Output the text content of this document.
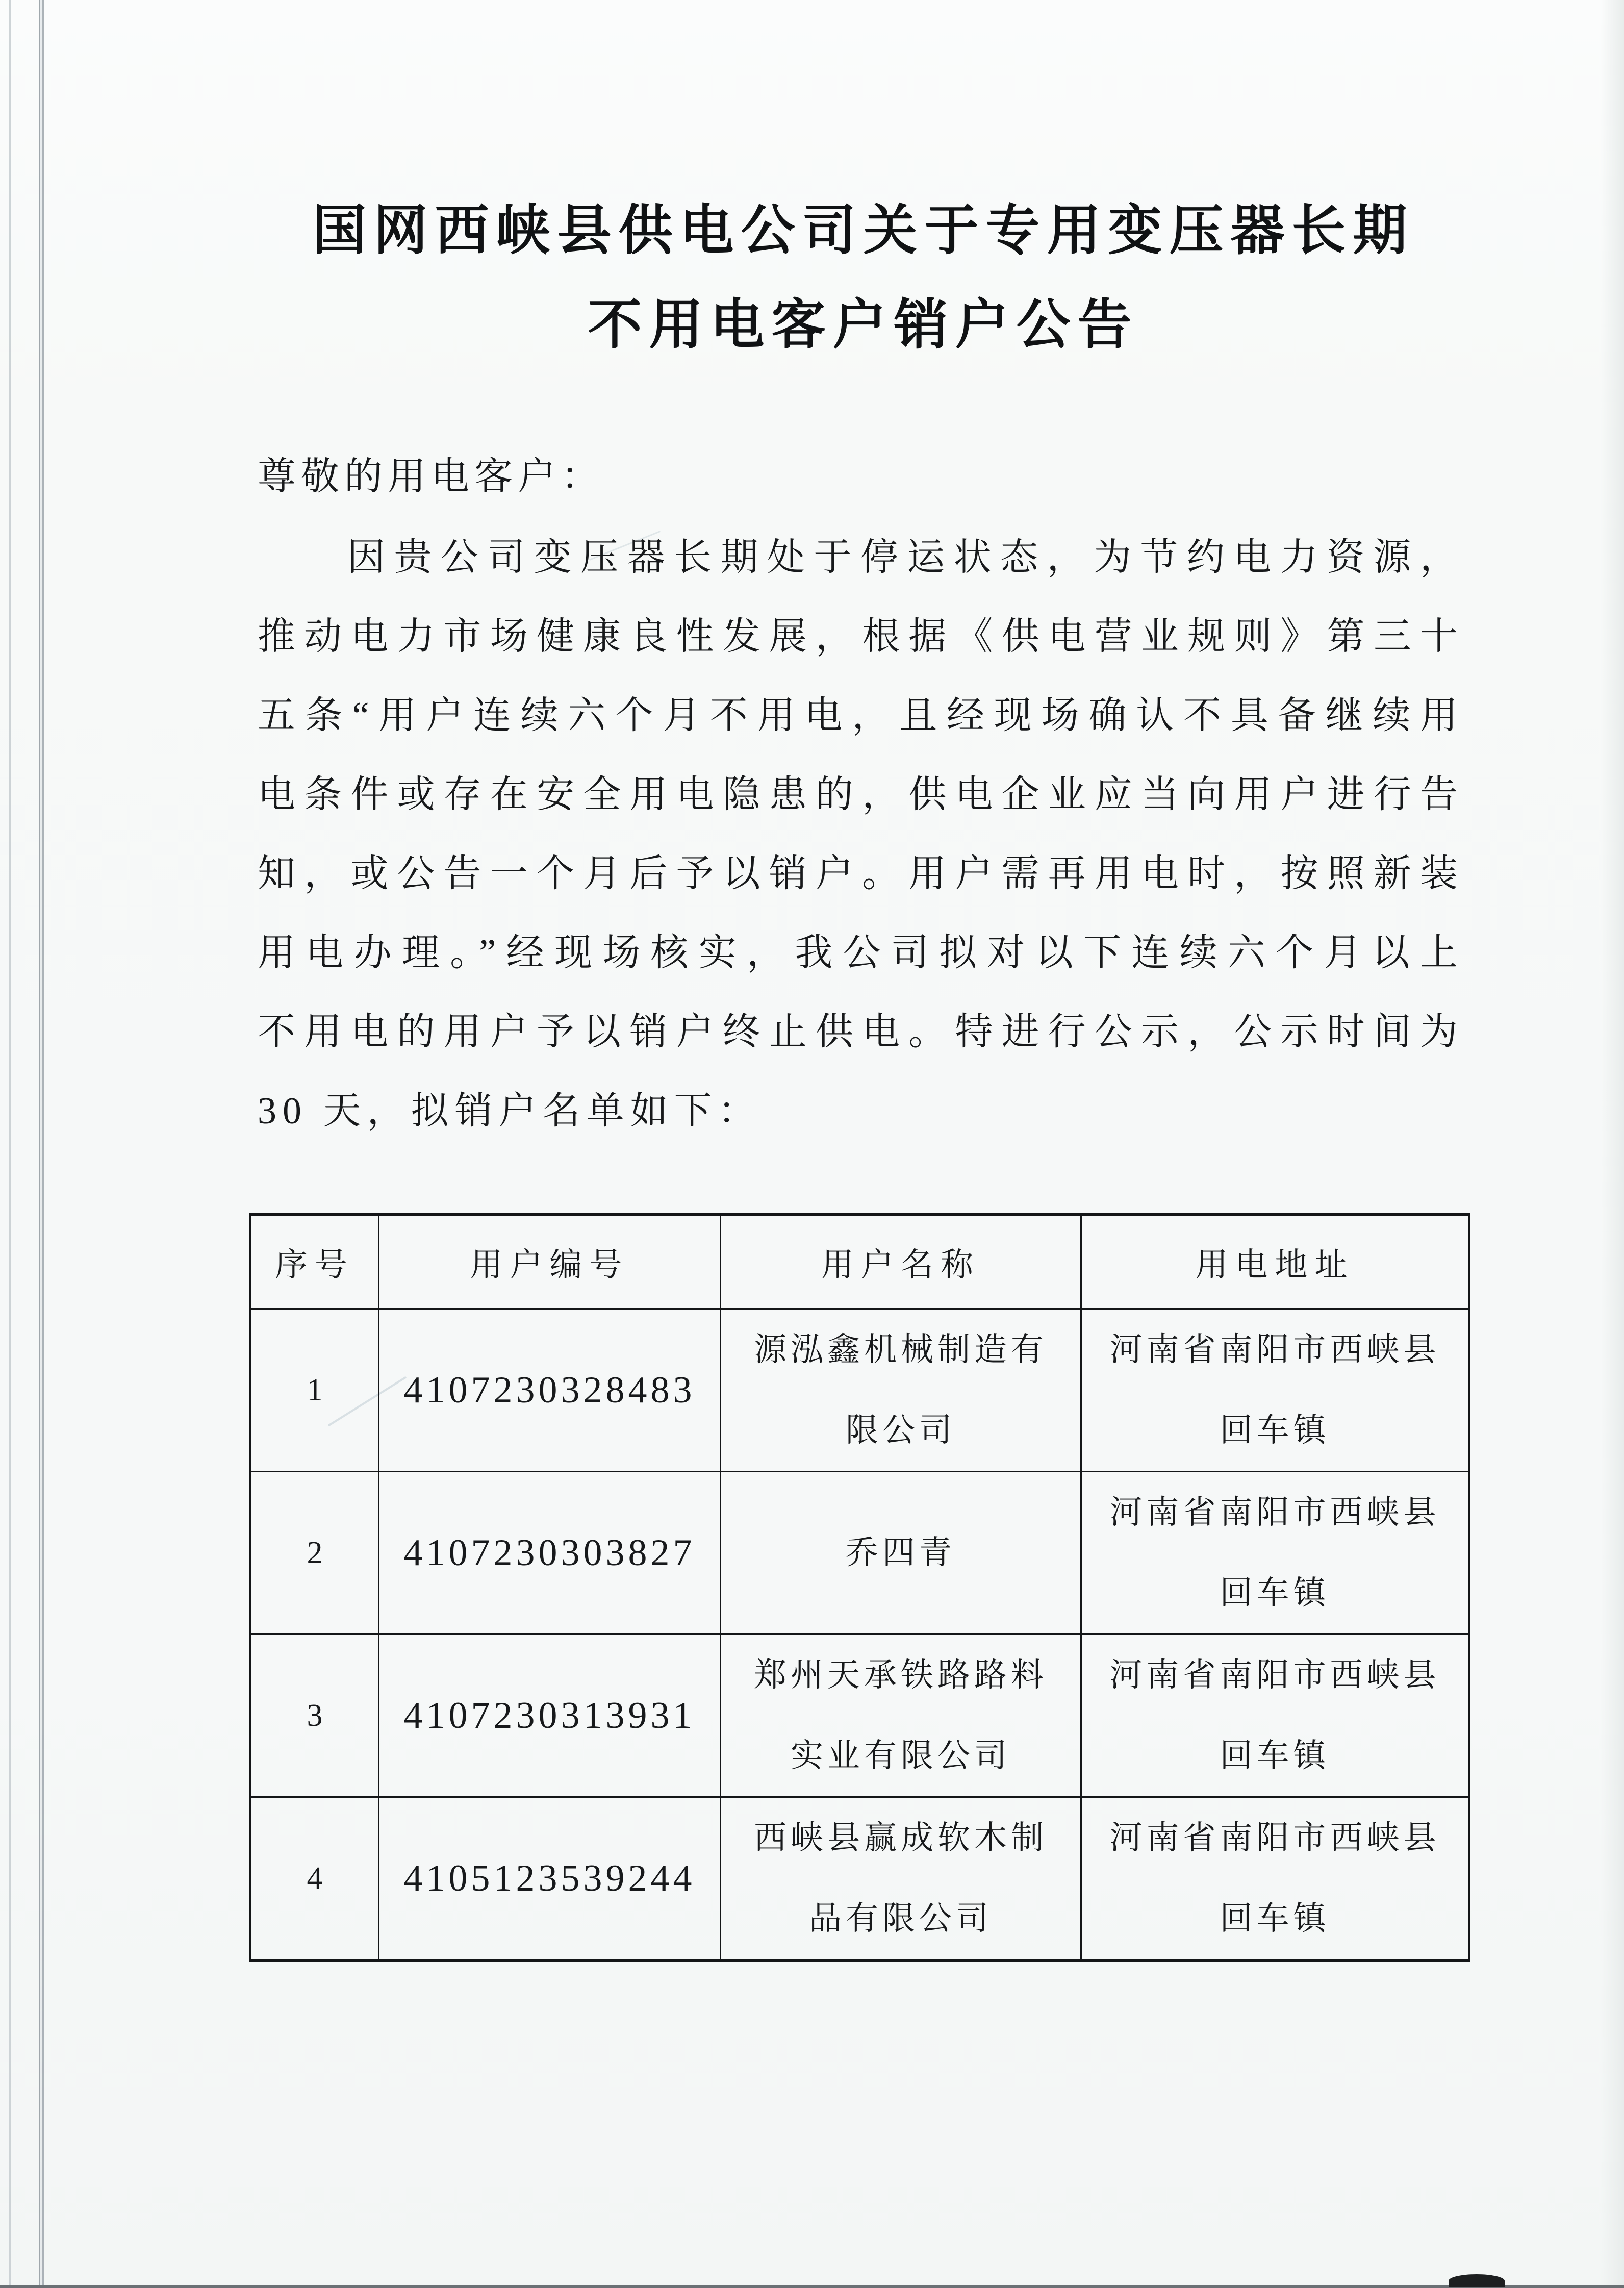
国网西峡县供电公司关于专用变压器长期
不用电客户销户公告
尊敬的用电客户：
因贵公司变压器长期处于停运状态，为节约电力资源，
推动电力市场健康良性发展，根据《供电营业规则》第三十
五条“用户连续六个月不用电，且经现场确认不具备继续用
电条件或存在安全用电隐患的，供电企业应当向用户进行告
知，或公告一个月后予以销户。用户需再用电时，按照新装
用电办理。”经现场核实，我公司拟对以下连续六个月以上
不用电的用户予以销户终止供电。特进行公示，公示时间为
30 天，拟销户名单如下：
序号	用户编号	用户名称	用电地址
1	4107230328483	源泓鑫机械制造有限公司	河南省南阳市西峡县回车镇
2	4107230303827	乔四青	河南省南阳市西峡县回车镇
3	4107230313931	郑州天承铁路路料实业有限公司	河南省南阳市西峡县回车镇
4	4105123539244	西峡县赢成软木制品有限公司	河南省南阳市西峡县回车镇
